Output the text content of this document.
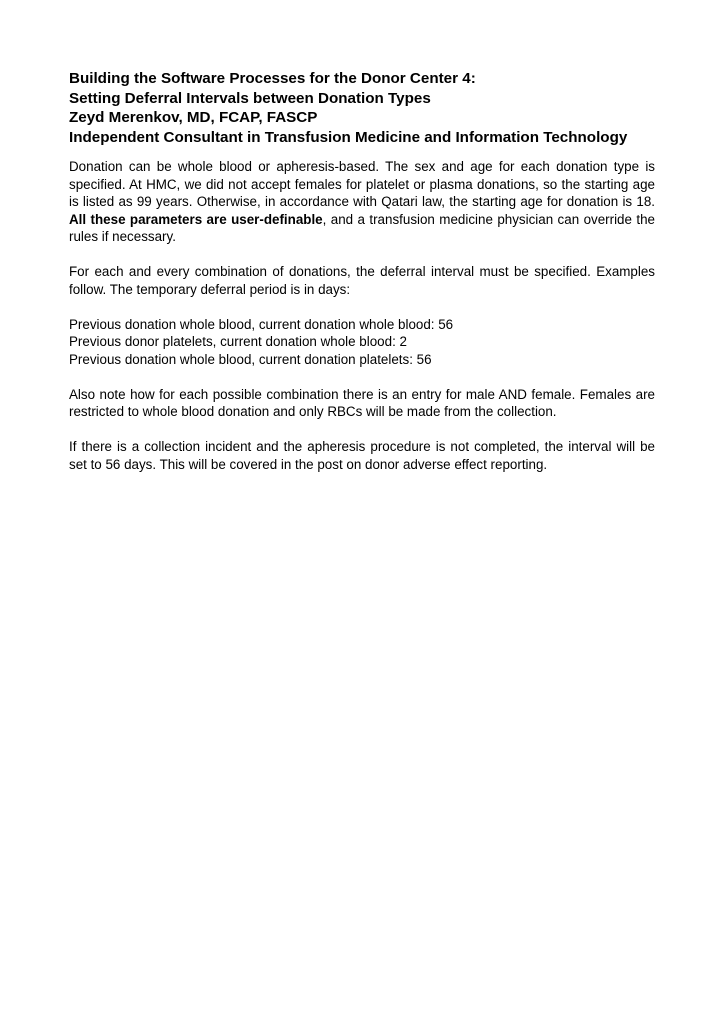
Building the Software Processes for the Donor Center 4:
Setting Deferral Intervals between Donation Types
Zeyd Merenkov, MD, FCAP, FASCP
Independent Consultant in Transfusion Medicine and Information Technology

Donation can be whole blood or apheresis-based. The sex and age for each donation type is specified. At HMC, we did not accept females for platelet or plasma donations, so the starting age is listed as 99 years. Otherwise, in accordance with Qatari law, the starting age for donation is 18. All these parameters are user-definable, and a transfusion medicine physician can override the rules if necessary.

For each and every combination of donations, the deferral interval must be specified. Examples follow. The temporary deferral period is in days:

Previous donation whole blood, current donation whole blood: 56
Previous donor platelets, current donation whole blood: 2
Previous donation whole blood, current donation platelets: 56

Also note how for each possible combination there is an entry for male AND female. Females are restricted to whole blood donation and only RBCs will be made from the collection.

If there is a collection incident and the apheresis procedure is not completed, the interval will be set to 56 days. This will be covered in the post on donor adverse effect reporting.
